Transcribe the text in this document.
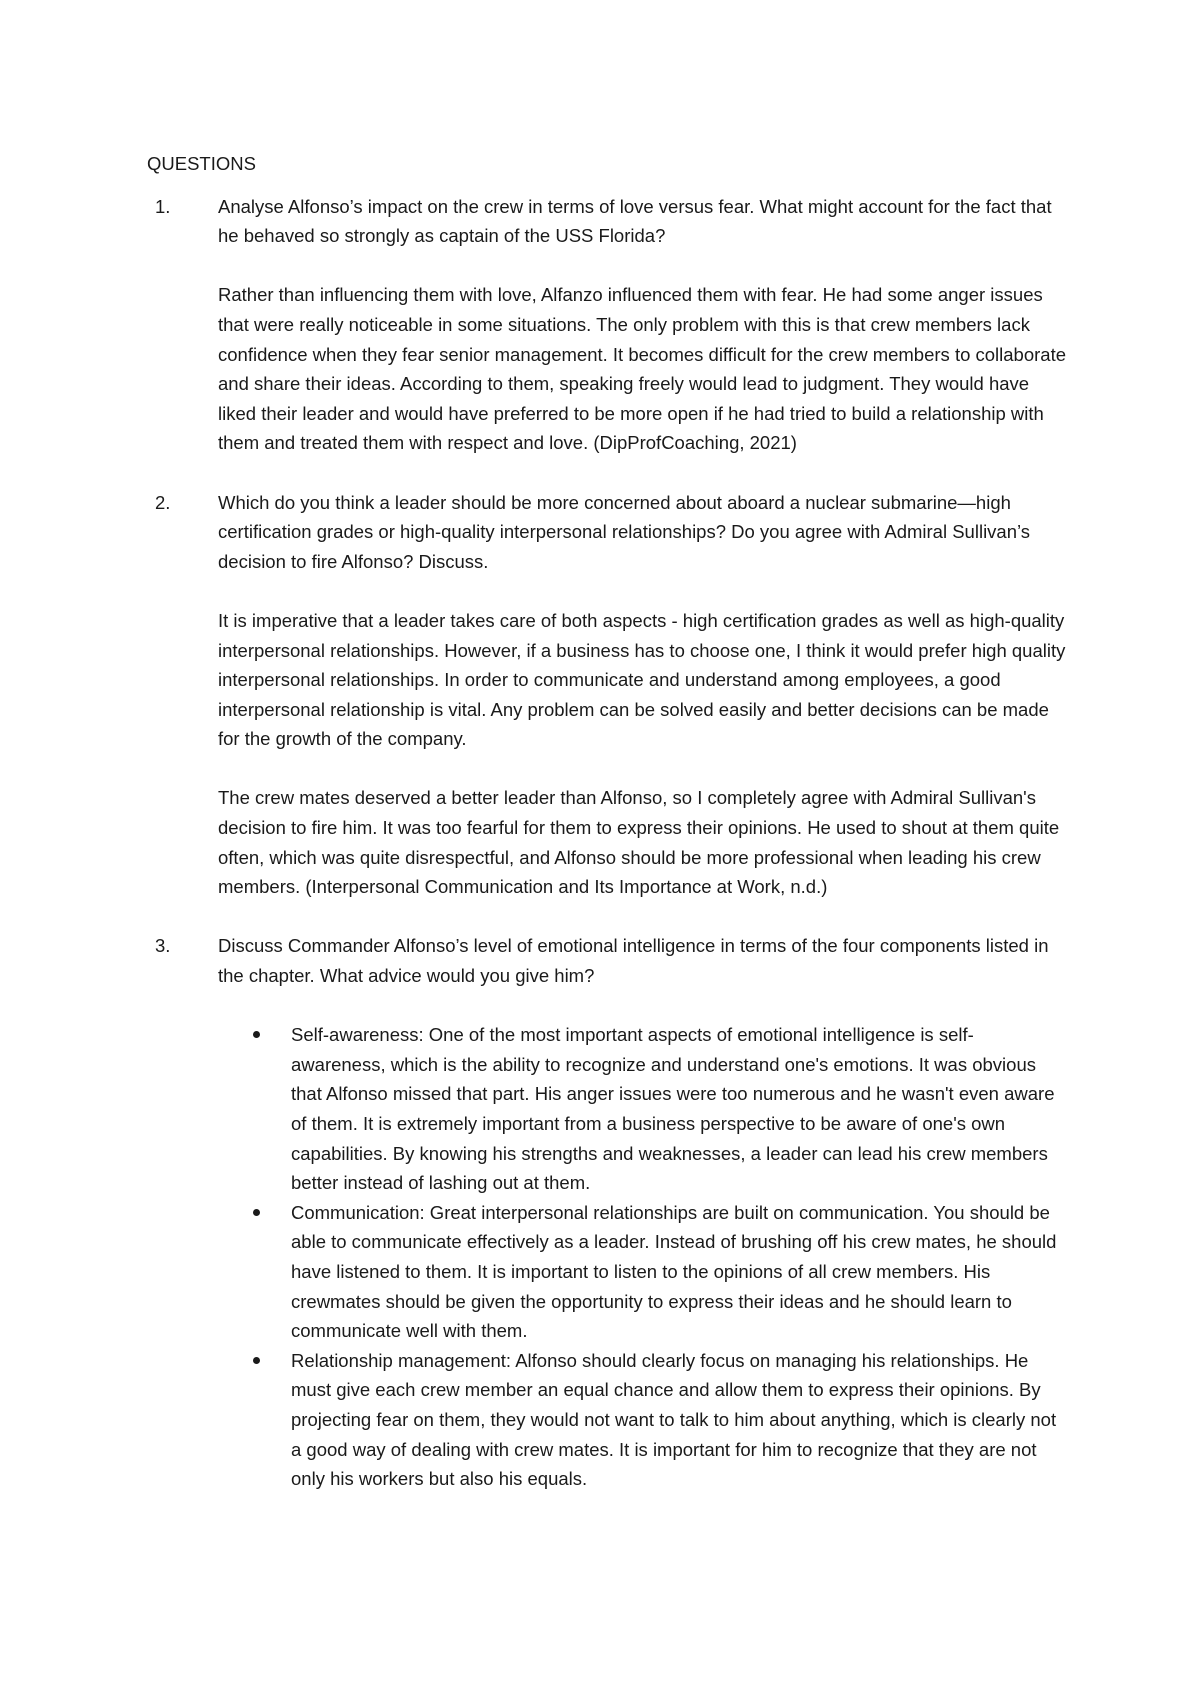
QUESTIONS
1.	Analyse Alfonso’s impact on the crew in terms of love versus fear. What might account for the fact that he behaved so strongly as captain of the USS Florida?

Rather than influencing them with love, Alfanzo influenced them with fear. He had some anger issues that were really noticeable in some situations. The only problem with this is that crew members lack confidence when they fear senior management. It becomes difficult for the crew members to collaborate and share their ideas. According to them, speaking freely would lead to judgment. They would have liked their leader and would have preferred to be more open if he had tried to build a relationship with them and treated them with respect and love. (DipProfCoaching, 2021)

2.	Which do you think a leader should be more concerned about aboard a nuclear submarine—high certification grades or high-quality interpersonal relationships? Do you agree with Admiral Sullivan’s decision to fire Alfonso? Discuss.

It is imperative that a leader takes care of both aspects - high certification grades as well as high-quality interpersonal relationships. However, if a business has to choose one, I think it would prefer high quality interpersonal relationships. In order to communicate and understand among employees, a good interpersonal relationship is vital. Any problem can be solved easily and better decisions can be made for the growth of the company.

The crew mates deserved a better leader than Alfonso, so I completely agree with Admiral Sullivan's decision to fire him. It was too fearful for them to express their opinions. He used to shout at them quite often, which was quite disrespectful, and Alfonso should be more professional when leading his crew members. (Interpersonal Communication and Its Importance at Work, n.d.)

3.	Discuss Commander Alfonso’s level of emotional intelligence in terms of the four components listed in the chapter. What advice would you give him?

Self-awareness: One of the most important aspects of emotional intelligence is self-awareness, which is the ability to recognize and understand one's emotions. It was obvious that Alfonso missed that part. His anger issues were too numerous and he wasn't even aware of them. It is extremely important from a business perspective to be aware of one's own capabilities. By knowing his strengths and weaknesses, a leader can lead his crew members better instead of lashing out at them.
Communication: Great interpersonal relationships are built on communication. You should be able to communicate effectively as a leader. Instead of brushing off his crew mates, he should have listened to them. It is important to listen to the opinions of all crew members. His crewmates should be given the opportunity to express their ideas and he should learn to communicate well with them.
Relationship management: Alfonso should clearly focus on managing his relationships. He must give each crew member an equal chance and allow them to express their opinions. By projecting fear on them, they would not want to talk to him about anything, which is clearly not a good way of dealing with crew mates. It is important for him to recognize that they are not only his workers but also his equals.
